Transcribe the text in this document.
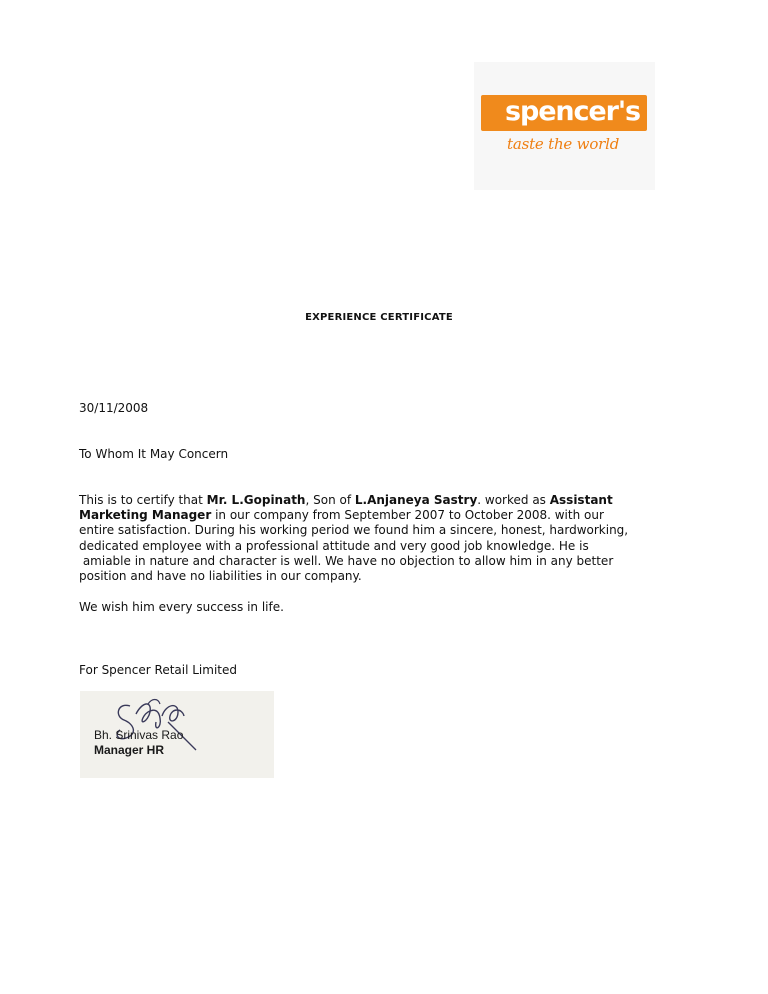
spencer's
taste the world
EXPERIENCE CERTIFICATE
30/11/2008
To Whom It May Concern
This is to certify that Mr. L.Gopinath, Son of L.Anjaneya Sastry. worked as Assistant
Marketing Manager in our company from September 2007 to October 2008. with our
entire satisfaction. During his working period we found him a sincere, honest, hardworking,
dedicated employee with a professional attitude and very good job knowledge. He is
amiable in nature and character is well. We have no objection to allow him in any better
position and have no liabilities in our company.
We wish him every success in life.
For Spencer Retail Limited
Bh. Srinivas Rao
Manager HR
